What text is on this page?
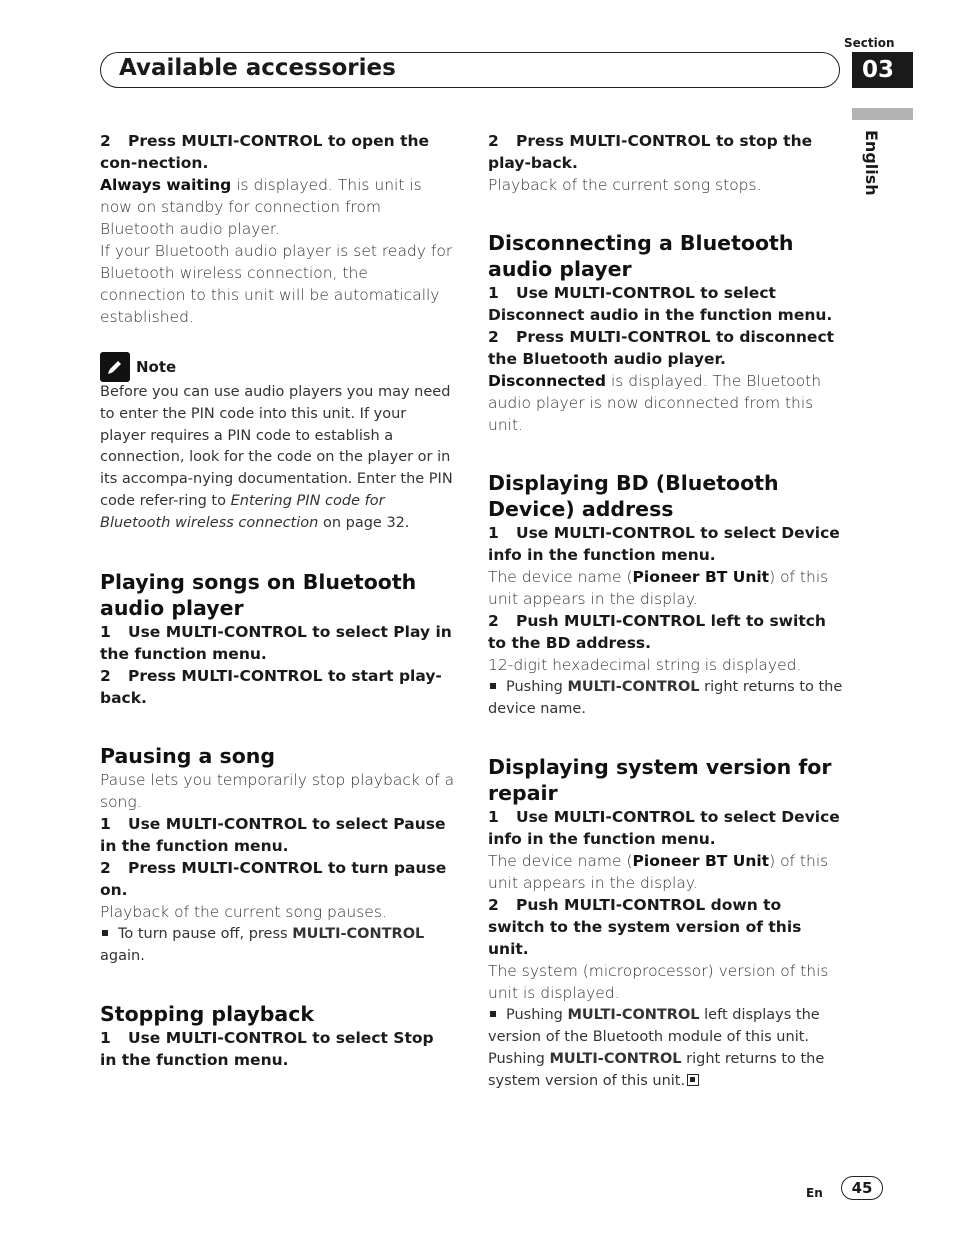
Section
Available accessories	03
English

2 Press MULTI-CONTROL to open the con-nection.

Always waiting is displayed. This unit is now on standby for connection from Bluetooth audio player.

If your Bluetooth audio player is set ready for Bluetooth wireless connection, the connection to this unit will be automatically established.

Note

Before you can use audio players you may need to enter the PIN code into this unit. If your player requires a PIN code to establish a connection, look for the code on the player or in its accompa-nying documentation. Enter the PIN code refer-ring to Entering PIN code for Bluetooth wireless connection on page 32.

Playing songs on Bluetooth audio player

1 Use MULTI-CONTROL to select Play in the function menu.

2 Press MULTI-CONTROL to start play-back.

Pausing a song

Pause lets you temporarily stop playback of a song.

1 Use MULTI-CONTROL to select Pause in the function menu.

2 Press MULTI-CONTROL to turn pause on.

Playback of the current song pauses.

To turn pause off, press MULTI-CONTROL again.

Stopping playback

1 Use MULTI-CONTROL to select Stop in the function menu.

2 Press MULTI-CONTROL to stop the play-back.

Playback of the current song stops.

Disconnecting a Bluetooth audio player

1 Use MULTI-CONTROL to select Disconnect audio in the function menu.

2 Press MULTI-CONTROL to disconnect the Bluetooth audio player.

Disconnected is displayed. The Bluetooth audio player is now diconnected from this unit.

Displaying BD (Bluetooth Device) address

1 Use MULTI-CONTROL to select Device info in the function menu.

The device name (Pioneer BT Unit) of this unit appears in the display.

2 Push MULTI-CONTROL left to switch to the BD address.

12-digit hexadecimal string is displayed.

Pushing MULTI-CONTROL right returns to the device name.

Displaying system version for repair

1 Use MULTI-CONTROL to select Device info in the function menu.

The device name (Pioneer BT Unit) of this unit appears in the display.

2 Push MULTI-CONTROL down to switch to the system version of this unit.

The system (microprocessor) version of this unit is displayed.

Pushing MULTI-CONTROL left displays the version of the Bluetooth module of this unit.

Pushing MULTI-CONTROL right returns to the system version of this unit.

En	45
